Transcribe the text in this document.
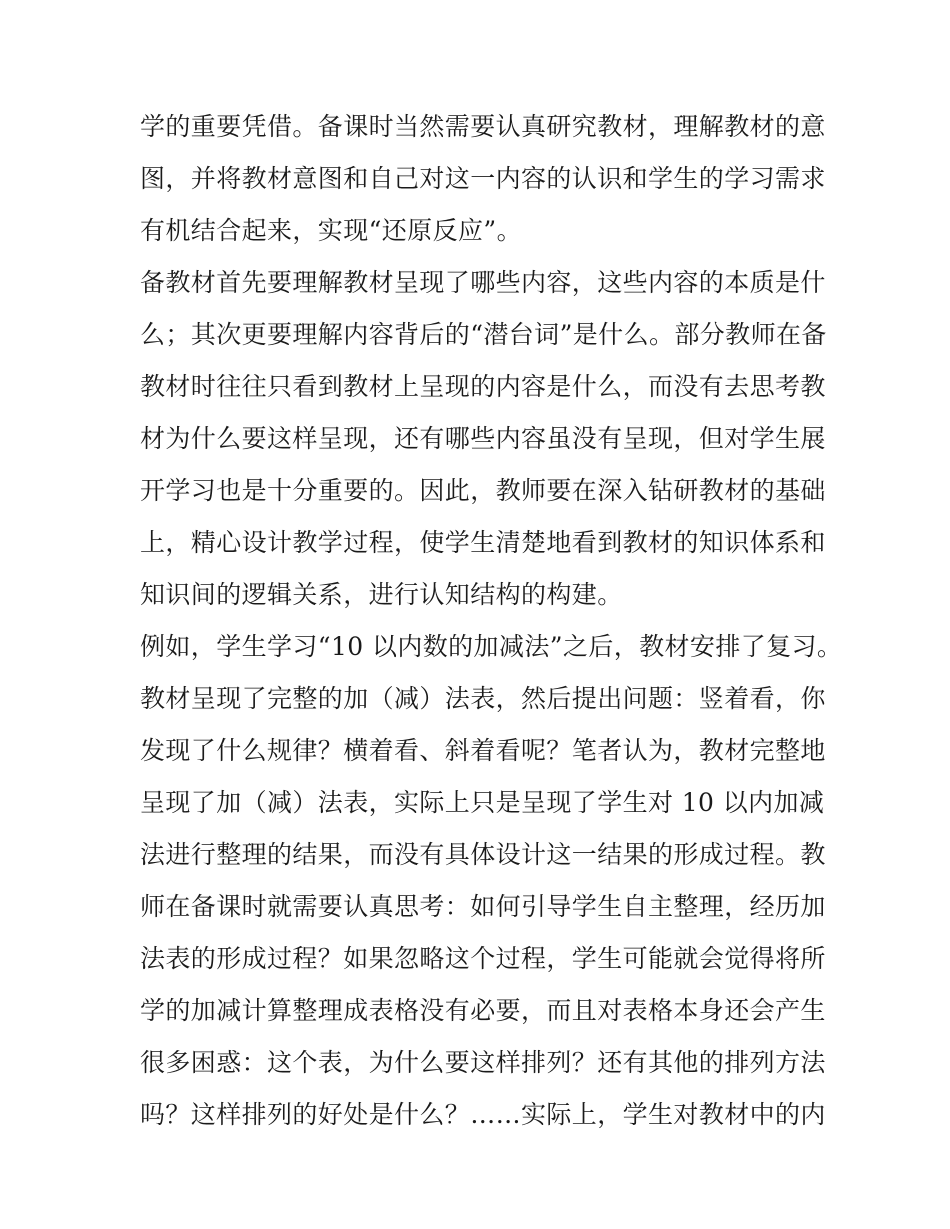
学的重要凭借。备课时当然需要认真研究教材，理解教材的意
图，并将教材意图和自己对这一内容的认识和学生的学习需求
有机结合起来，实现“还原反应”。
备教材首先要理解教材呈现了哪些内容，这些内容的本质是什
么；其次更要理解内容背后的“潜台词”是什么。部分教师在备
教材时往往只看到教材上呈现的内容是什么，而没有去思考教
材为什么要这样呈现，还有哪些内容虽没有呈现，但对学生展
开学习也是十分重要的。因此，教师要在深入钻研教材的基础
上，精心设计教学过程，使学生清楚地看到教材的知识体系和
知识间的逻辑关系，进行认知结构的构建。
例如，学生学习“10 以内数的加减法”之后，教材安排了复习。
教材呈现了完整的加（减）法表，然后提出问题：竖着看，你
发现了什么规律？横着看、斜着看呢？笔者认为，教材完整地
呈现了加（减）法表，实际上只是呈现了学生对 10 以内加减
法进行整理的结果，而没有具体设计这一结果的形成过程。教
师在备课时就需要认真思考：如何引导学生自主整理，经历加
法表的形成过程？如果忽略这个过程，学生可能就会觉得将所
学的加减计算整理成表格没有必要，而且对表格本身还会产生
很多困惑：这个表，为什么要这样排列？还有其他的排列方法
吗？这样排列的好处是什么？……实际上，学生对教材中的内
